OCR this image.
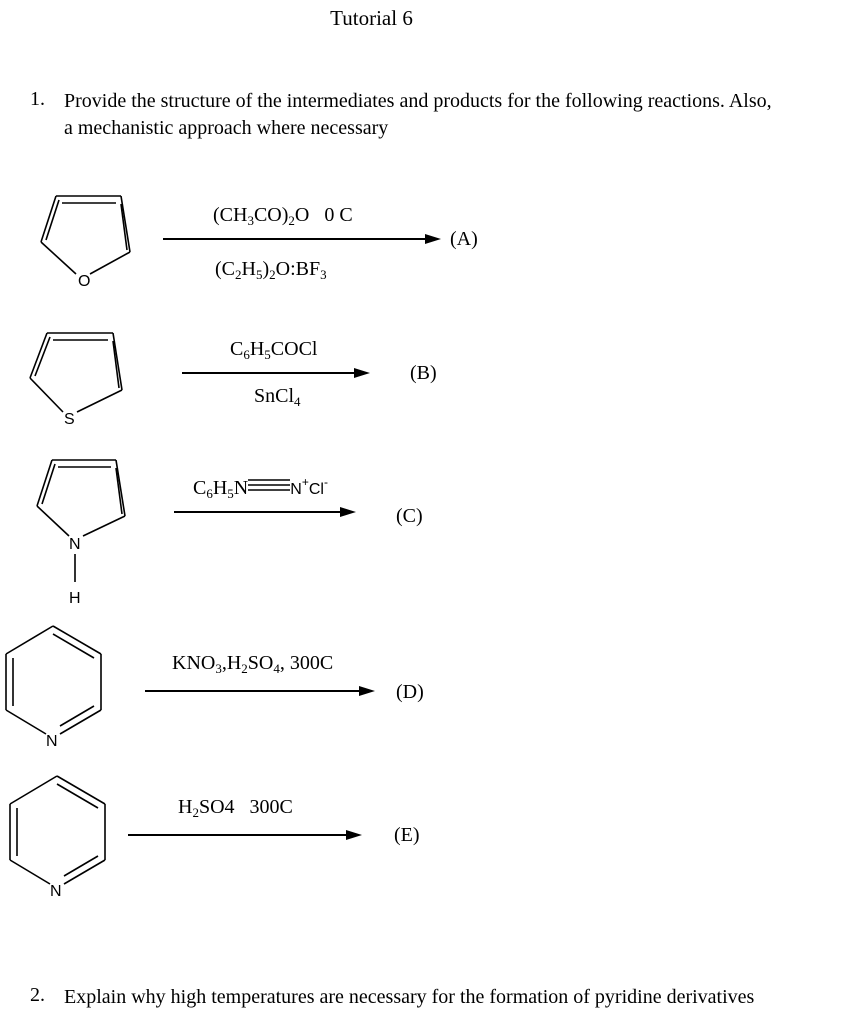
Tutorial 6
1. Provide the structure of the intermediates and products for the following reactions. Also,
a mechanistic approach where necessary
O
$(CH_3CO)_2O$   0 C
$(C_2H_5)_2O:BF_3$
(A)
S
$C_6H_5COCl$
SnCl$_4$
(B)
N
H
$C_6H_5N$	N+Cl-
(C)
N
$KNO_3,H_2SO_4$, 300C
(D)
N
$H_2SO4$   300C
(E)
2. Explain why high temperatures are necessary for the formation of pyridine derivatives
